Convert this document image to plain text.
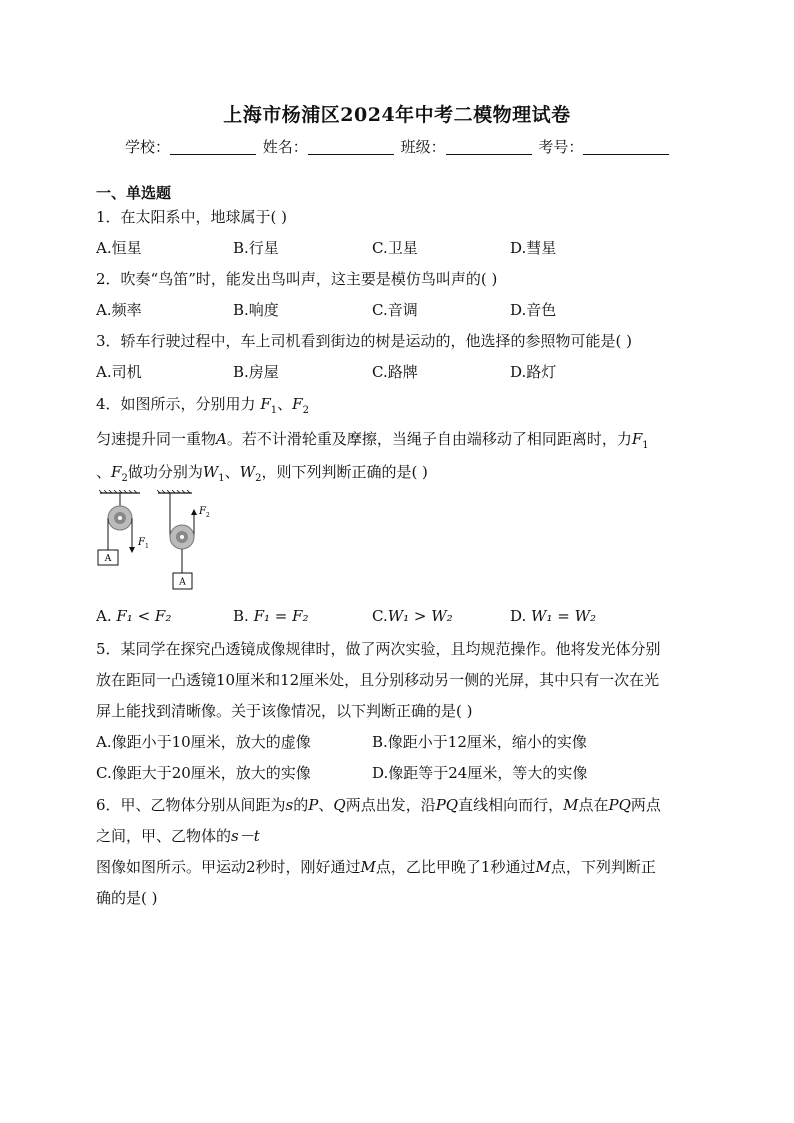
上海市杨浦区2024年中考二模物理试卷
学校：	姓名：	班级：	考号：
一、单选题
1．在太阳系中，地球属于( )
A.恒星	B.行星	C.卫星	D.彗星
2．吹奏“鸟笛”时，能发出鸟叫声，这主要是模仿鸟叫声的( )
A.频率	B.响度	C.音调	D.音色
3．轿车行驶过程中，车上司机看到街边的树是运动的，他选择的参照物可能是( )
A.司机	B.房屋	C.路牌	D.路灯
4．如图所示，分别用力 $F_1$、$F_2$
匀速提升同一重物A。若不计滑轮重及摩擦，当绳子自由端移动了相同距离时，力$F_1$
、$F_2$做功分别为$W_1$、$W_2$，则下列判断正确的是( )
$F_1$
A
$F_2$
A
A. F₁ < F₂	B. F₁ = F₂	C.W₁ > W₂	D. W₁ = W₂
5．某同学在探究凸透镜成像规律时，做了两次实验，且均规范操作。他将发光体分别
放在距同一凸透镜10厘米和12厘米处，且分别移动另一侧的光屏，其中只有一次在光
屏上能找到清晰像。关于该像情况，以下判断正确的是( )
A.像距小于10厘米，放大的虚像	B.像距小于12厘米，缩小的实像
C.像距大于20厘米，放大的实像	D.像距等于24厘米，等大的实像
6．甲、乙物体分别从间距为s的P、Q两点出发，沿PQ直线相向而行，M点在PQ两点
之间，甲、乙物体的s－t
图像如图所示。甲运动2秒时，刚好通过M点，乙比甲晚了1秒通过M点，下列判断正
确的是( )
